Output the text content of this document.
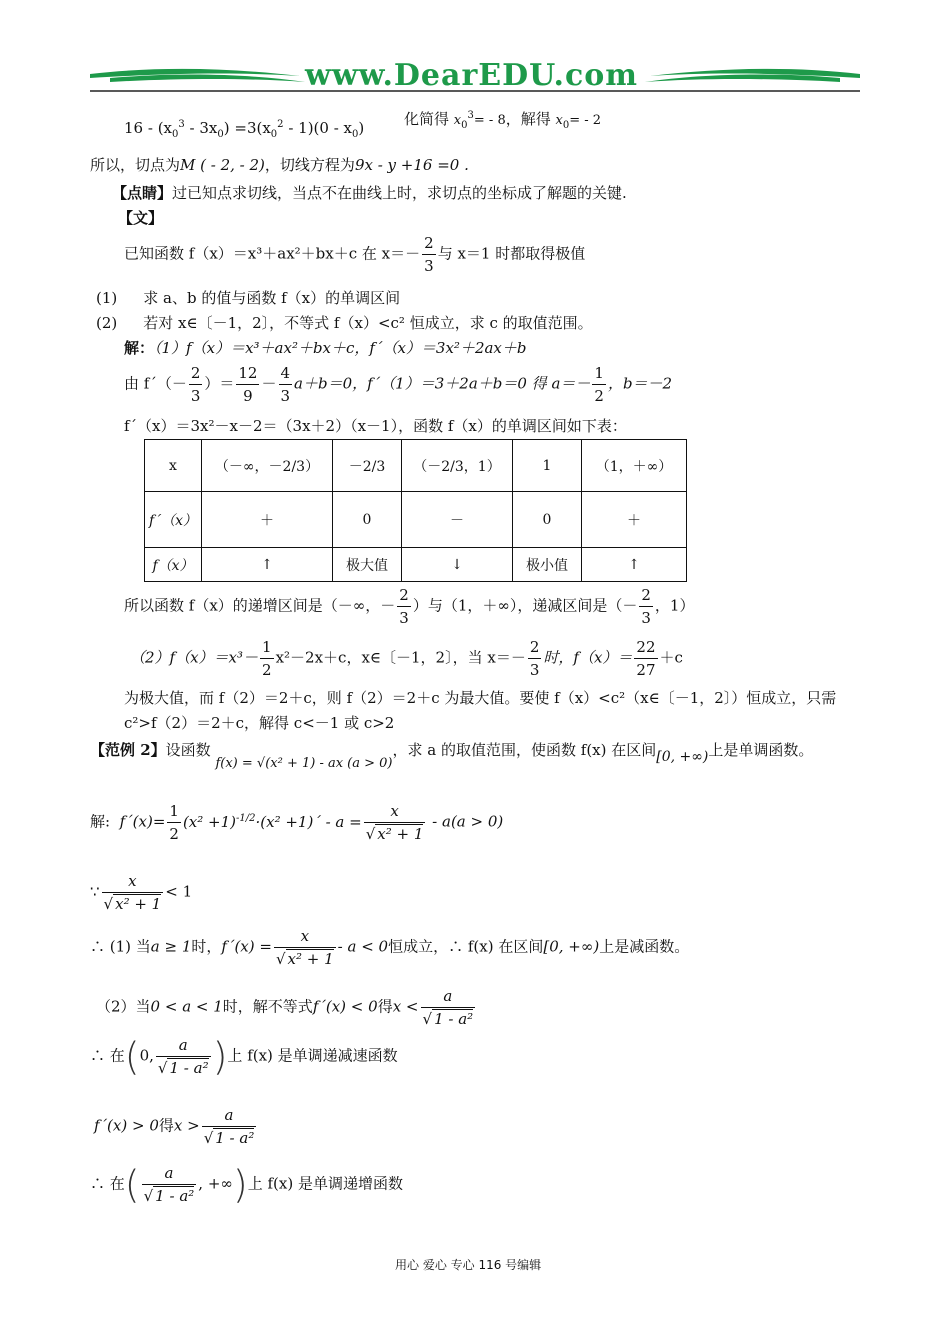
www.DearEDU.com
$16 - (x_0^3 - 3x_0) =3(x_0^2 - 1)(0 - x_0)$	化简得 $x_0^3= - 8$，解得 $x_0= - 2$
所以，切点为M ( - 2, - 2)，切线方程为9x - y +16 =0 .
【点睛】过已知点求切线，当点不在曲线上时，求切点的坐标成了解题的关键.
【文】
已知函数 f（x）＝x³＋ax²＋bx＋c 在 $x=- \frac{2}{3}$ 与 x＝1 时都取得极值
(1) 求 a、b 的值与函数 f（x）的单调区间
(2) 若对 x∈〔－1，2〕，不等式 f（x）<c² 恒成立，求 c 的取值范围。
解：（1）f（x）＝x³＋ax²＋bx＋c，f´（x）＝3x²＋2ax＋b
由 f´（－ $\frac{2}{3}$ ）＝ $\frac{12}{9} - \frac{4}{3} a+b=0$，f´（1）＝3＋2a＋b＝0 得 $a=- \frac{1}{2}$ ，b＝－2
f´（x）＝3x²－x－2＝（3x＋2）（x－1），函数 f（x）的单调区间如下表：
x	（－∞，－2/3）	－2/3	（－2/3，1）	1	（1，＋∞）
f´（x）	＋	0	－	0	＋
f（x）	↑	极大值	↓	极小值	↑
所以函数 f（x）的递增区间是（－∞，－ $\frac{2}{3}$ ）与（1，＋∞），递减区间是（－ $\frac{2}{3}$ ，1）
$(2)f(x)=x^3- \frac{1}{2} x^2-2x+c$，x∈〔－1，2〕，当 $x=- \frac{2}{3}$ 时，$f(x)= \frac{22}{27} +c$
为极大值，而 f（2）＝2＋c，则 f（2）＝2＋c 为最大值。要使 f（x）<c²（x∈〔－1，2〕）恒成立，只需
c²>f（2）＝2＋c，解得 c<－1 或 c>2
【范例 2】设函数 f(x) = √(x² + 1) - ax (a > 0)，求 a 的取值范围，使函数 f(x) 在区间[0, +∞)上是单调函数。
解:  f´(x)= $\frac{1}{2} (x^2 +1)^{-1/2}\cdot(x^2$ +1)´ - $a = \frac{x}{\text{√ x² + 1}} - a(a > 0)$
∵ $\frac{x}{\text{√ x² + 1}} < 1$
∴ (1) 当a ≥ 1时，f´(x) = $\frac{x}{\text{√ x² + 1}} - a < 0$恒成立，∴ f(x) 在区间[0, +∞)上是减函数。
（2）当0 < a < 1时，解不等式f´(x) < 0得$x < \frac{a}{\text{√ 1 - a²}}$
∴ 在(0, $\frac{a}{\text{√ 1 - a²}}$ )上 f(x) 是单调递减速函数
f´(x) > 0得$x > \frac{a}{\text{√ 1 - a²}}$
∴ 在( $\frac{a}{\text{√ 1 - a²}}$ , +∞)上 f(x) 是单调递增函数
用心 爱心 专心 116 号编辑
